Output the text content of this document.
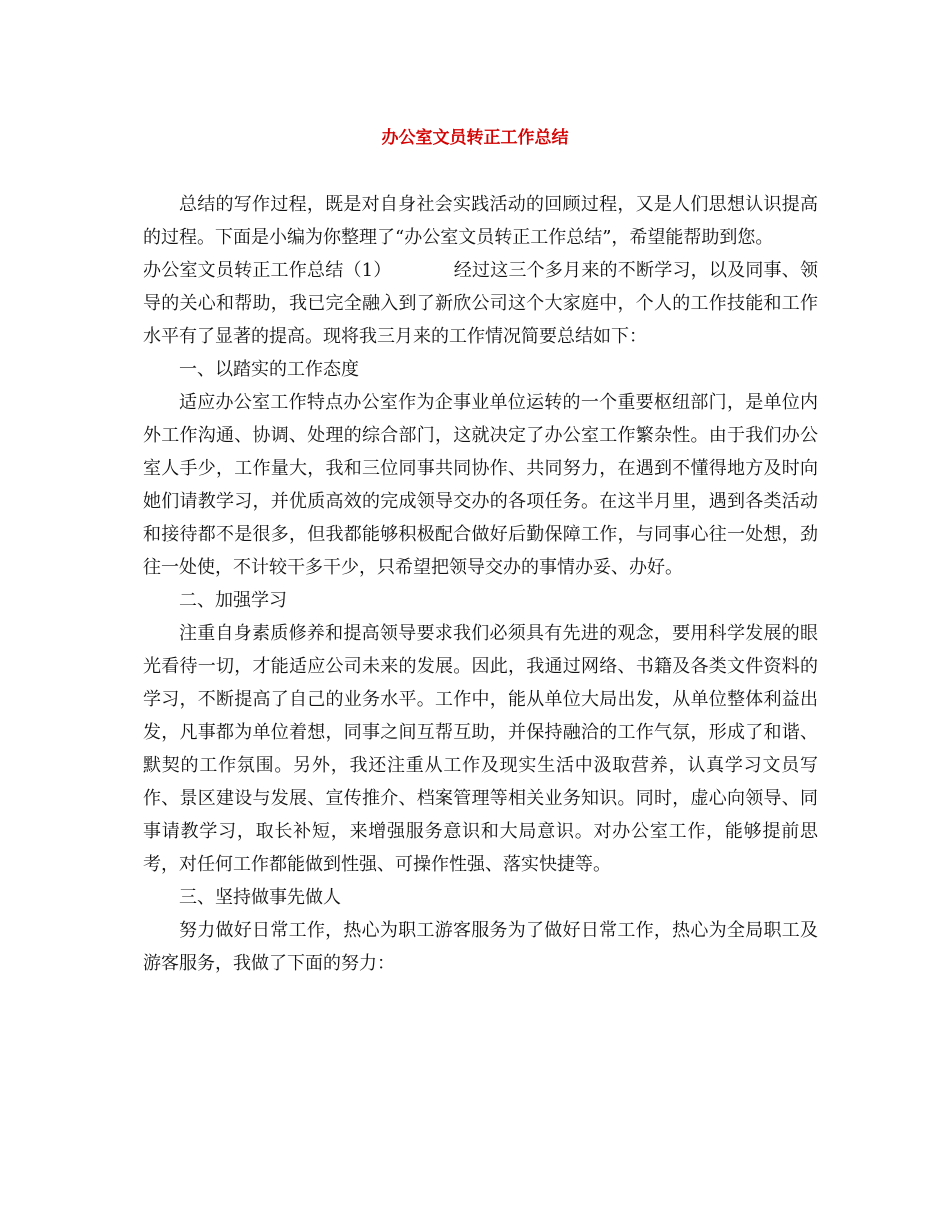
办公室文员转正工作总结

总结的写作过程，既是对自身社会实践活动的回顾过程，又是人们思想认识提高的过程。下面是小编为你整理了“办公室文员转正工作总结”，希望能帮助到您。

办公室文员转正工作总结（1）	经过这三个多月来的不断学习，以及同事、领导的关心和帮助，我已完全融入到了新欣公司这个大家庭中，个人的工作技能和工作水平有了显著的提高。现将我三月来的工作情况简要总结如下：

一、以踏实的工作态度

适应办公室工作特点办公室作为企事业单位运转的一个重要枢纽部门，是单位内外工作沟通、协调、处理的综合部门，这就决定了办公室工作繁杂性。由于我们办公室人手少，工作量大，我和三位同事共同协作、共同努力，在遇到不懂得地方及时向她们请教学习，并优质高效的完成领导交办的各项任务。在这半月里，遇到各类活动和接待都不是很多，但我都能够积极配合做好后勤保障工作，与同事心往一处想，劲往一处使，不计较干多干少，只希望把领导交办的事情办妥、办好。

二、加强学习

注重自身素质修养和提高领导要求我们必须具有先进的观念，要用科学发展的眼光看待一切，才能适应公司未来的发展。因此，我通过网络、书籍及各类文件资料的学习，不断提高了自己的业务水平。工作中，能从单位大局出发，从单位整体利益出发，凡事都为单位着想，同事之间互帮互助，并保持融洽的工作气氛，形成了和谐、默契的工作氛围。另外，我还注重从工作及现实生活中汲取营养，认真学习文员写作、景区建设与发展、宣传推介、档案管理等相关业务知识。同时，虚心向领导、同事请教学习，取长补短，来增强服务意识和大局意识。对办公室工作，能够提前思考，对任何工作都能做到性强、可操作性强、落实快捷等。

三、坚持做事先做人

努力做好日常工作，热心为职工游客服务为了做好日常工作，热心为全局职工及游客服务，我做了下面的努力：
